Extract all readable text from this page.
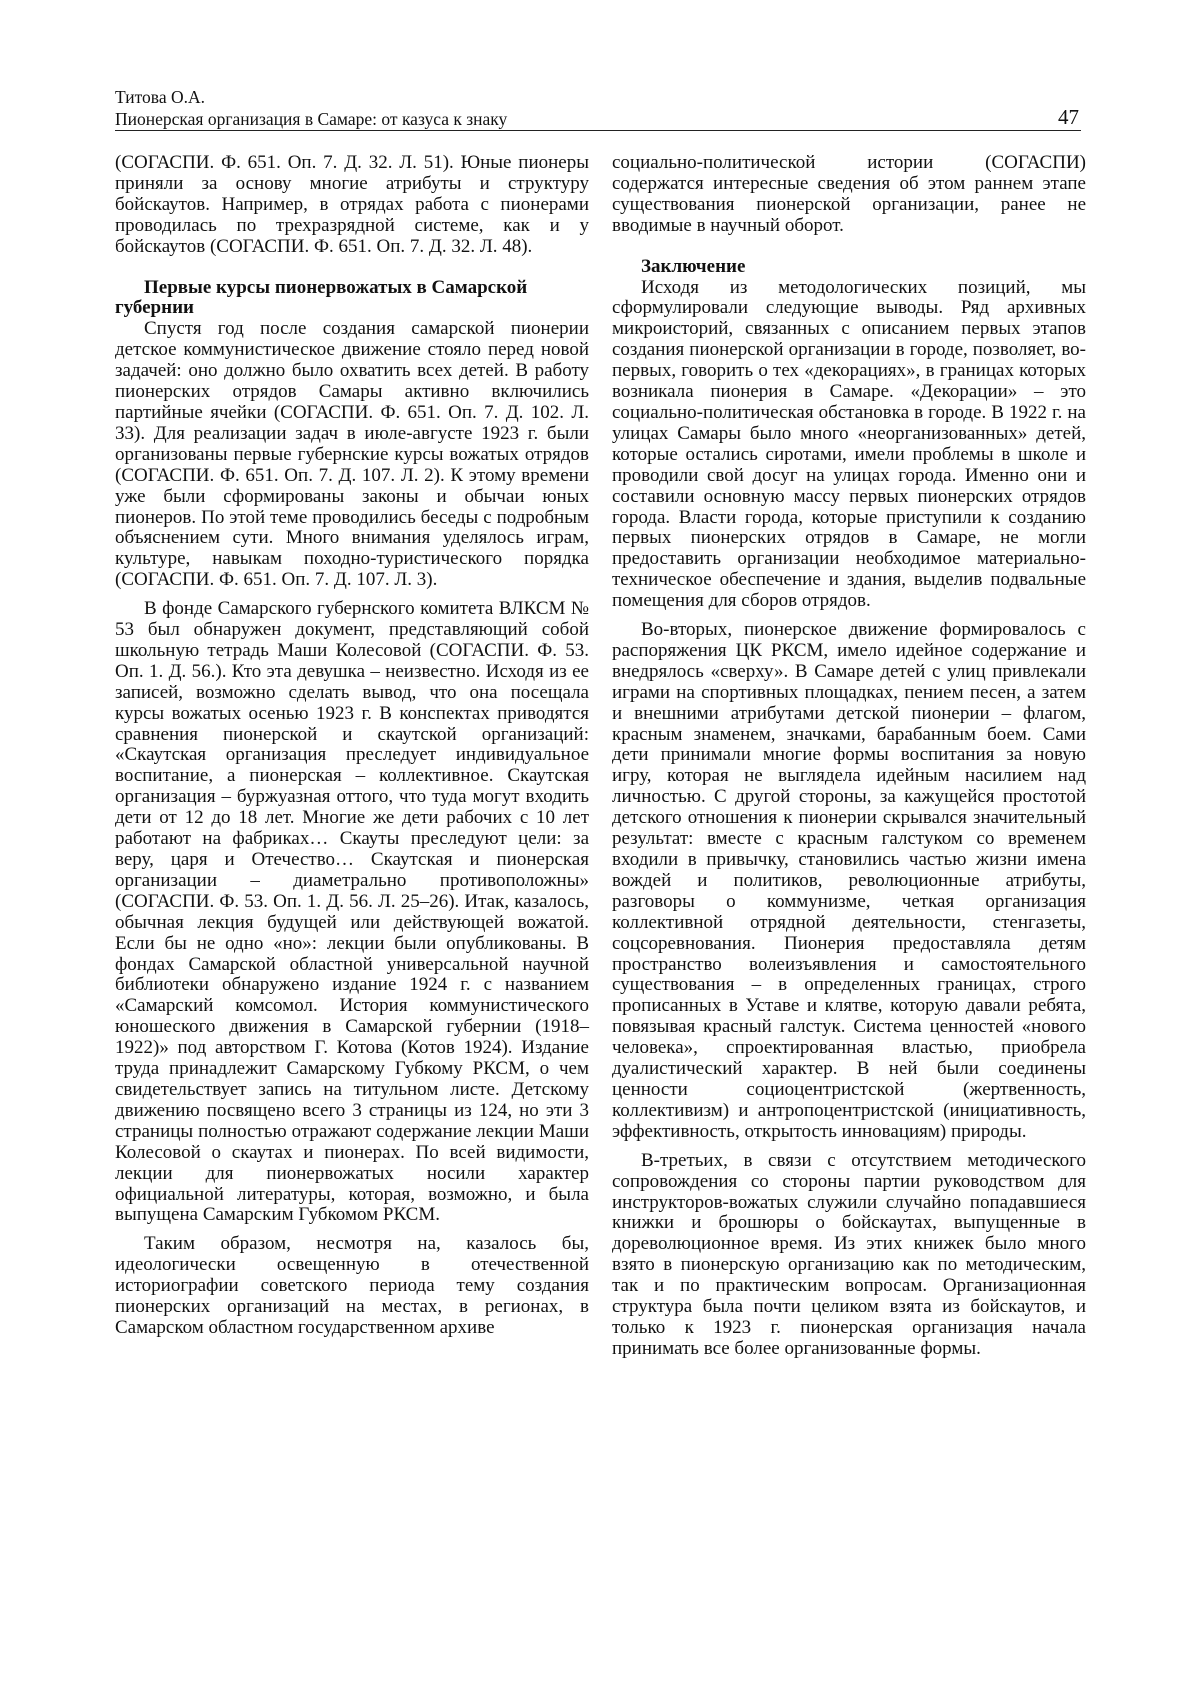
Титова О.А.
Пионерская организация в Самаре: от казуса к знаку	47

(СОГАСПИ. Ф. 651. Оп. 7. Д. 32. Л. 51). Юные пионеры приняли за основу многие атрибуты и структуру бойскаутов. Например, в отрядах работа с пионерами проводилась по трехразрядной системе, как и у бойскаутов (СОГАСПИ. Ф. 651. Оп. 7. Д. 32. Л. 48).

Первые курсы пионервожатых в Самарской губернии

Спустя год после создания самарской пионерии детское коммунистическое движение стояло перед новой задачей: оно должно было охватить всех детей. В работу пионерских отрядов Самары активно включились партийные ячейки (СОГАСПИ. Ф. 651. Оп. 7. Д. 102. Л. 33). Для реализации задач в июле-августе 1923 г. были организованы первые губернские курсы вожатых отрядов (СОГАСПИ. Ф. 651. Оп. 7. Д. 107. Л. 2). К этому времени уже были сформированы законы и обычаи юных пионеров. По этой теме проводились беседы с подробным объяснением сути. Много внимания уделялось играм, культуре, навыкам походно-туристического порядка (СОГАСПИ. Ф. 651. Оп. 7. Д. 107. Л. 3).

В фонде Самарского губернского комитета ВЛКСМ № 53 был обнаружен документ, представляющий собой школьную тетрадь Маши Колесовой (СОГАСПИ. Ф. 53. Оп. 1. Д. 56.). Кто эта девушка – неизвестно. Исходя из ее записей, возможно сделать вывод, что она посещала курсы вожатых осенью 1923 г. В конспектах приводятся сравнения пионерской и скаутской организаций: «Скаутская организация преследует индивидуальное воспитание, а пионерская – коллективное. Скаутская организация – буржуазная оттого, что туда могут входить дети от 12 до 18 лет. Многие же дети рабочих с 10 лет работают на фабриках… Скауты преследуют цели: за веру, царя и Отечество… Скаутская и пионерская организации – диаметрально противоположны» (СОГАСПИ. Ф. 53. Оп. 1. Д. 56. Л. 25–26). Итак, казалось, обычная лекция будущей или действующей вожатой. Если бы не одно «но»: лекции были опубликованы. В фондах Самарской областной универсальной научной библиотеки обнаружено издание 1924 г. с названием «Самарский комсомол. История коммунистического юношеского движения в Самарской губернии (1918–1922)» под авторством Г. Котова (Котов 1924). Издание труда принадлежит Самарскому Губкому РКСМ, о чем свидетельствует запись на титульном листе. Детскому движению посвящено всего 3 страницы из 124, но эти 3 страницы полностью отражают содержание лекции Маши Колесовой о скаутах и пионерах. По всей видимости, лекции для пионервожатых носили характер официальной литературы, которая, возможно, и была выпущена Самарским Губкомом РКСМ.

Таким образом, несмотря на, казалось бы, идеологически освещенную в отечественной историографии советского периода тему создания пионерских организаций на местах, в регионах, в Самарском областном государственном архиве

социально-политической истории (СОГАСПИ) содержатся интересные сведения об этом раннем этапе существования пионерской организации, ранее не вводимые в научный оборот.

Заключение

Исходя из методологических позиций, мы сформулировали следующие выводы. Ряд архивных микроисторий, связанных с описанием первых этапов создания пионерской организации в городе, позволяет, во-первых, говорить о тех «декорациях», в границах которых возникала пионерия в Самаре. «Декорации» – это социально-политическая обстановка в городе. В 1922 г. на улицах Самары было много «неорганизованных» детей, которые остались сиротами, имели проблемы в школе и проводили свой досуг на улицах города. Именно они и составили основную массу первых пионерских отрядов города. Власти города, которые приступили к созданию первых пионерских отрядов в Самаре, не могли предоставить организации необходимое материально-техническое обеспечение и здания, выделив подвальные помещения для сборов отрядов.

Во-вторых, пионерское движение формировалось с распоряжения ЦК РКСМ, имело идейное содержание и внедрялось «сверху». В Самаре детей с улиц привлекали играми на спортивных площадках, пением песен, а затем и внешними атрибутами детской пионерии – флагом, красным знаменем, значками, барабанным боем. Сами дети принимали многие формы воспитания за новую игру, которая не выглядела идейным насилием над личностью. С другой стороны, за кажущейся простотой детского отношения к пионерии скрывался значительный результат: вместе с красным галстуком со временем входили в привычку, становились частью жизни имена вождей и политиков, революционные атрибуты, разговоры о коммунизме, четкая организация коллективной отрядной деятельности, стенгазеты, соцсоревнования. Пионерия предоставляла детям пространство волеизъявления и самостоятельного существования – в определенных границах, строго прописанных в Уставе и клятве, которую давали ребята, повязывая красный галстук. Система ценностей «нового человека», спроектированная властью, приобрела дуалистический характер. В ней были соединены ценности социоцентристской (жертвенность, коллективизм) и антропоцентристской (инициативность, эффективность, открытость инновациям) природы.

В-третьих, в связи с отсутствием методического сопровождения со стороны партии руководством для инструкторов-вожатых служили случайно попадавшиеся книжки и брошюры о бойскаутах, выпущенные в дореволюционное время. Из этих книжек было много взято в пионерскую организацию как по методическим, так и по практическим вопросам. Организационная структура была почти целиком взята из бойскаутов, и только к 1923 г. пионерская организация начала принимать все более организованные формы.
